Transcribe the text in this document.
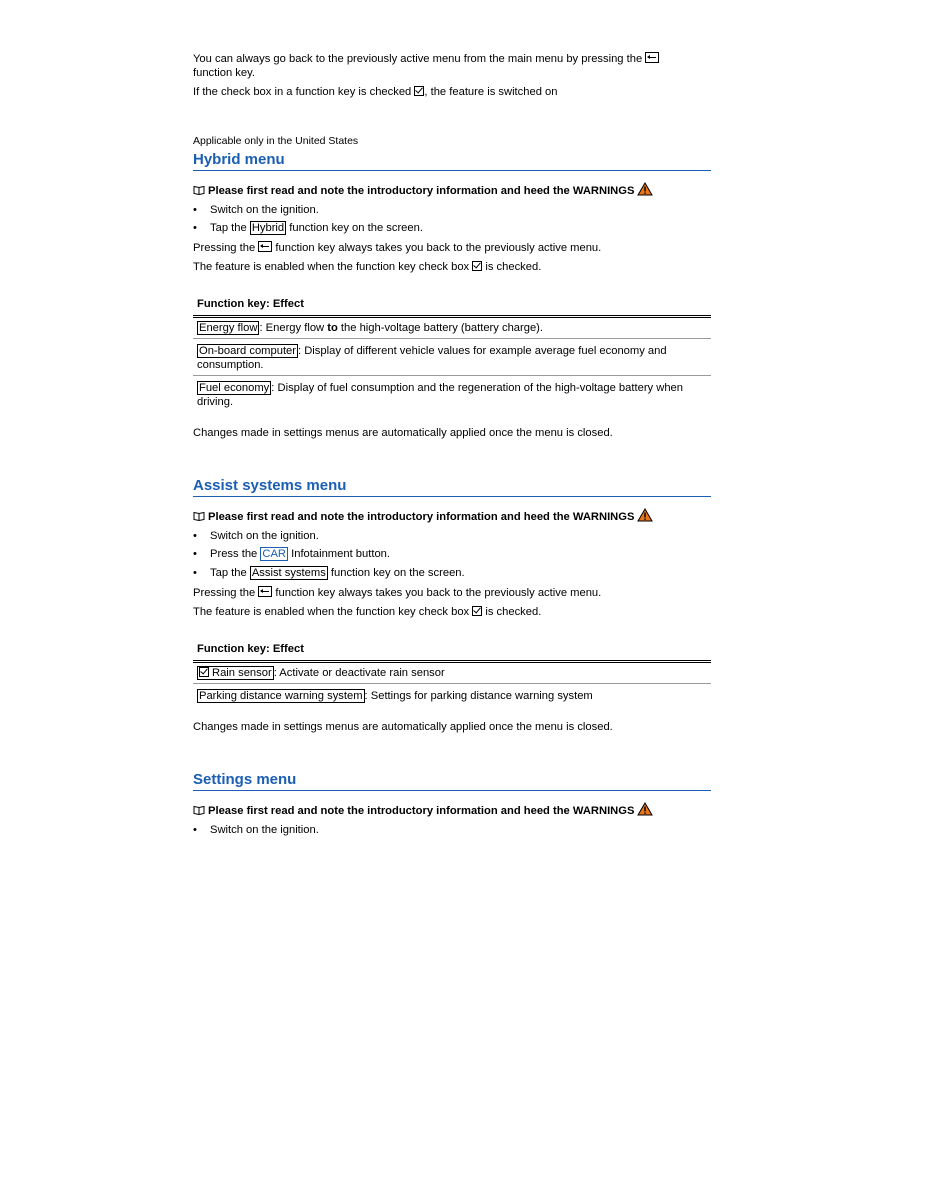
You can always go back to the previously active menu from the main menu by pressing the
function key.

If the check box in a function key is checked , the feature is switched on

Applicable only in the United States

Hybrid menu

Please first read and note the introductory information and heed the WARNINGS

• Switch on the ignition.

• Tap the Hybrid function key on the screen.

Pressing the function key always takes you back to the previously active menu.

The feature is enabled when the function key check box is checked.

Function key: Effect
Energy flow : Energy flow to the high-voltage battery (battery charge).
On-board computer : Display of different vehicle values for example average fuel economy and consumption.
Fuel economy : Display of fuel consumption and the regeneration of the high-voltage battery when driving.

Changes made in settings menus are automatically applied once the menu is closed.

Assist systems menu

Please first read and note the introductory information and heed the WARNINGS

• Switch on the ignition.

• Press the CAR Infotainment button.

• Tap the Assist systems function key on the screen.

Pressing the function key always takes you back to the previously active menu.

The feature is enabled when the function key check box is checked.

Function key: Effect
Rain sensor : Activate or deactivate rain sensor
Parking distance warning system : Settings for parking distance warning system

Changes made in settings menus are automatically applied once the menu is closed.

Settings menu

Please first read and note the introductory information and heed the WARNINGS

• Switch on the ignition.
